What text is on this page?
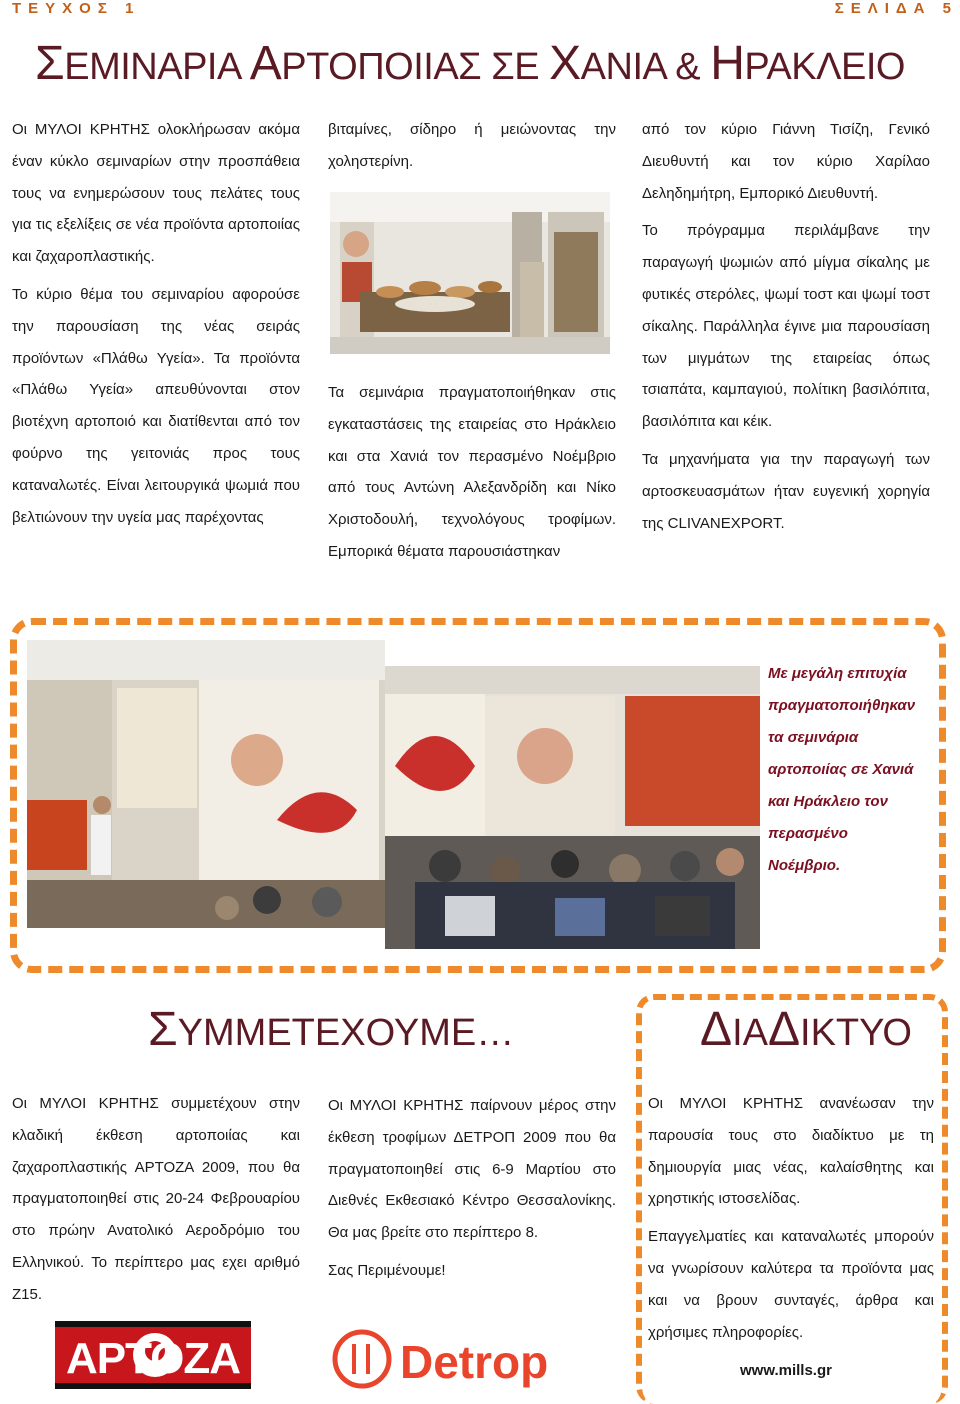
ΤΕΥΧΟΣ 1	ΣΕΛΙΔΑ 5
ΣΕΜΙΝΑΡΙΑ ΑΡΤΟΠΟΙΙΑΣ ΣΕ ΧΑΝΙΑ & ΗΡΑΚΛΕΙΟ

Οι ΜΥΛΟΙ ΚΡΗΤΗΣ ολοκλήρωσαν ακόμα έναν κύκλο σεμιναρίων στην προσπάθεια τους να ενημερώσουν τους πελάτες τους για τις εξελίξεις σε νέα προϊόντα αρτοποιίας και ζαχαροπλαστικής.

Το κύριο θέμα του σεμιναρίου αφορούσε την παρουσίαση της νέας σειράς προϊόντων «Πλάθω Υγεία». Τα προϊόντα «Πλάθω Υγεία» απευθύνονται στον βιοτέχνη αρτοποιό και διατίθενται από τον φούρνο της γειτονιάς προς τους καταναλωτές. Είναι λειτουργικά ψωμιά που βελτιώνουν την υγεία μας παρέχοντας

βιταμίνες, σίδηρο ή μειώνοντας την χοληστερίνη.

Τα σεμινάρια πραγματοποιήθηκαν στις εγκαταστάσεις της εταιρείας στο Ηράκλειο και στα Χανιά τον περασμένο Νοέμβριο από τους Αντώνη Αλεξανδρίδη και Νίκο Χριστοδουλή, τεχνολόγους τροφίμων. Εμπορικά θέματα παρουσιάστηκαν

από τον κύριο Γιάννη Τισίζη, Γενικό Διευθυντή και τον κύριο Χαρίλαο Δεληδημήτρη, Εμπορικό Διευθυντή.

Το πρόγραμμα περιλάμβανε την παραγωγή ψωμιών από μίγμα σίκαλης με φυτικές στερόλες, ψωμί τοστ και ψωμί τοστ σίκαλης. Παράλληλα έγινε μια παρουσίαση των μιγμάτων της εταιρείας όπως τσιαπάτα, καμπαγιού, πολίτικη βασιλόπιτα, βασιλόπιτα και κέικ.

Τα μηχανήματα για την παραγωγή των αρτοσκευασμάτων ήταν ευγενική χορηγία της CLIVANEXPORT.

Με μεγάλη επιτυχία

πραγματοποιήθηκαν

τα σεμινάρια

αρτοποιίας σε Χανιά

και Ηράκλειο τον

περασμένο

Νοέμβριο.

ΣΥΜΜΕΤΕΧΟΥΜΕ…

Οι ΜΥΛΟΙ ΚΡΗΤΗΣ συμμετέχουν στην κλαδική έκθεση αρτοποιίας και ζαχαροπλαστικής ΑΡΤΟΖΑ 2009, που θα πραγματοποιηθεί στις 20-24 Φεβρουαρίου στο πρώην Ανατολικό Αεροδρόμιο του Ελληνικού. Το περίπτερο μας εχει αριθμό Ζ15.

ΑΡΤΟΖΑ

Οι ΜΥΛΟΙ ΚΡΗΤΗΣ παίρνουν μέρος στην έκθεση τροφίμων ΔΕΤΡΟΠ 2009 που θα πραγματοποιηθεί στις 6-9 Μαρτίου στο Διεθνές Εκθεσιακό Κέντρο Θεσσαλονίκης. Θα μας βρείτε στο περίπτερο 8.

Σας Περιμένουμε!

Detrop
ΔΙΑΔΙΚΤΥΟ

Οι ΜΥΛΟΙ ΚΡΗΤΗΣ ανανέωσαν την παρουσία τους στο διαδίκτυο με τη δημιουργία μιας νέας, καλαίσθητης και χρηστικής ιστοσελίδας.

Επαγγελματίες και καταναλωτές μπορούν να γνωρίσουν καλύτερα τα προϊόντα μας και να βρουν συνταγές, άρθρα και χρήσιμες πληροφορίες.

www.mills.gr
